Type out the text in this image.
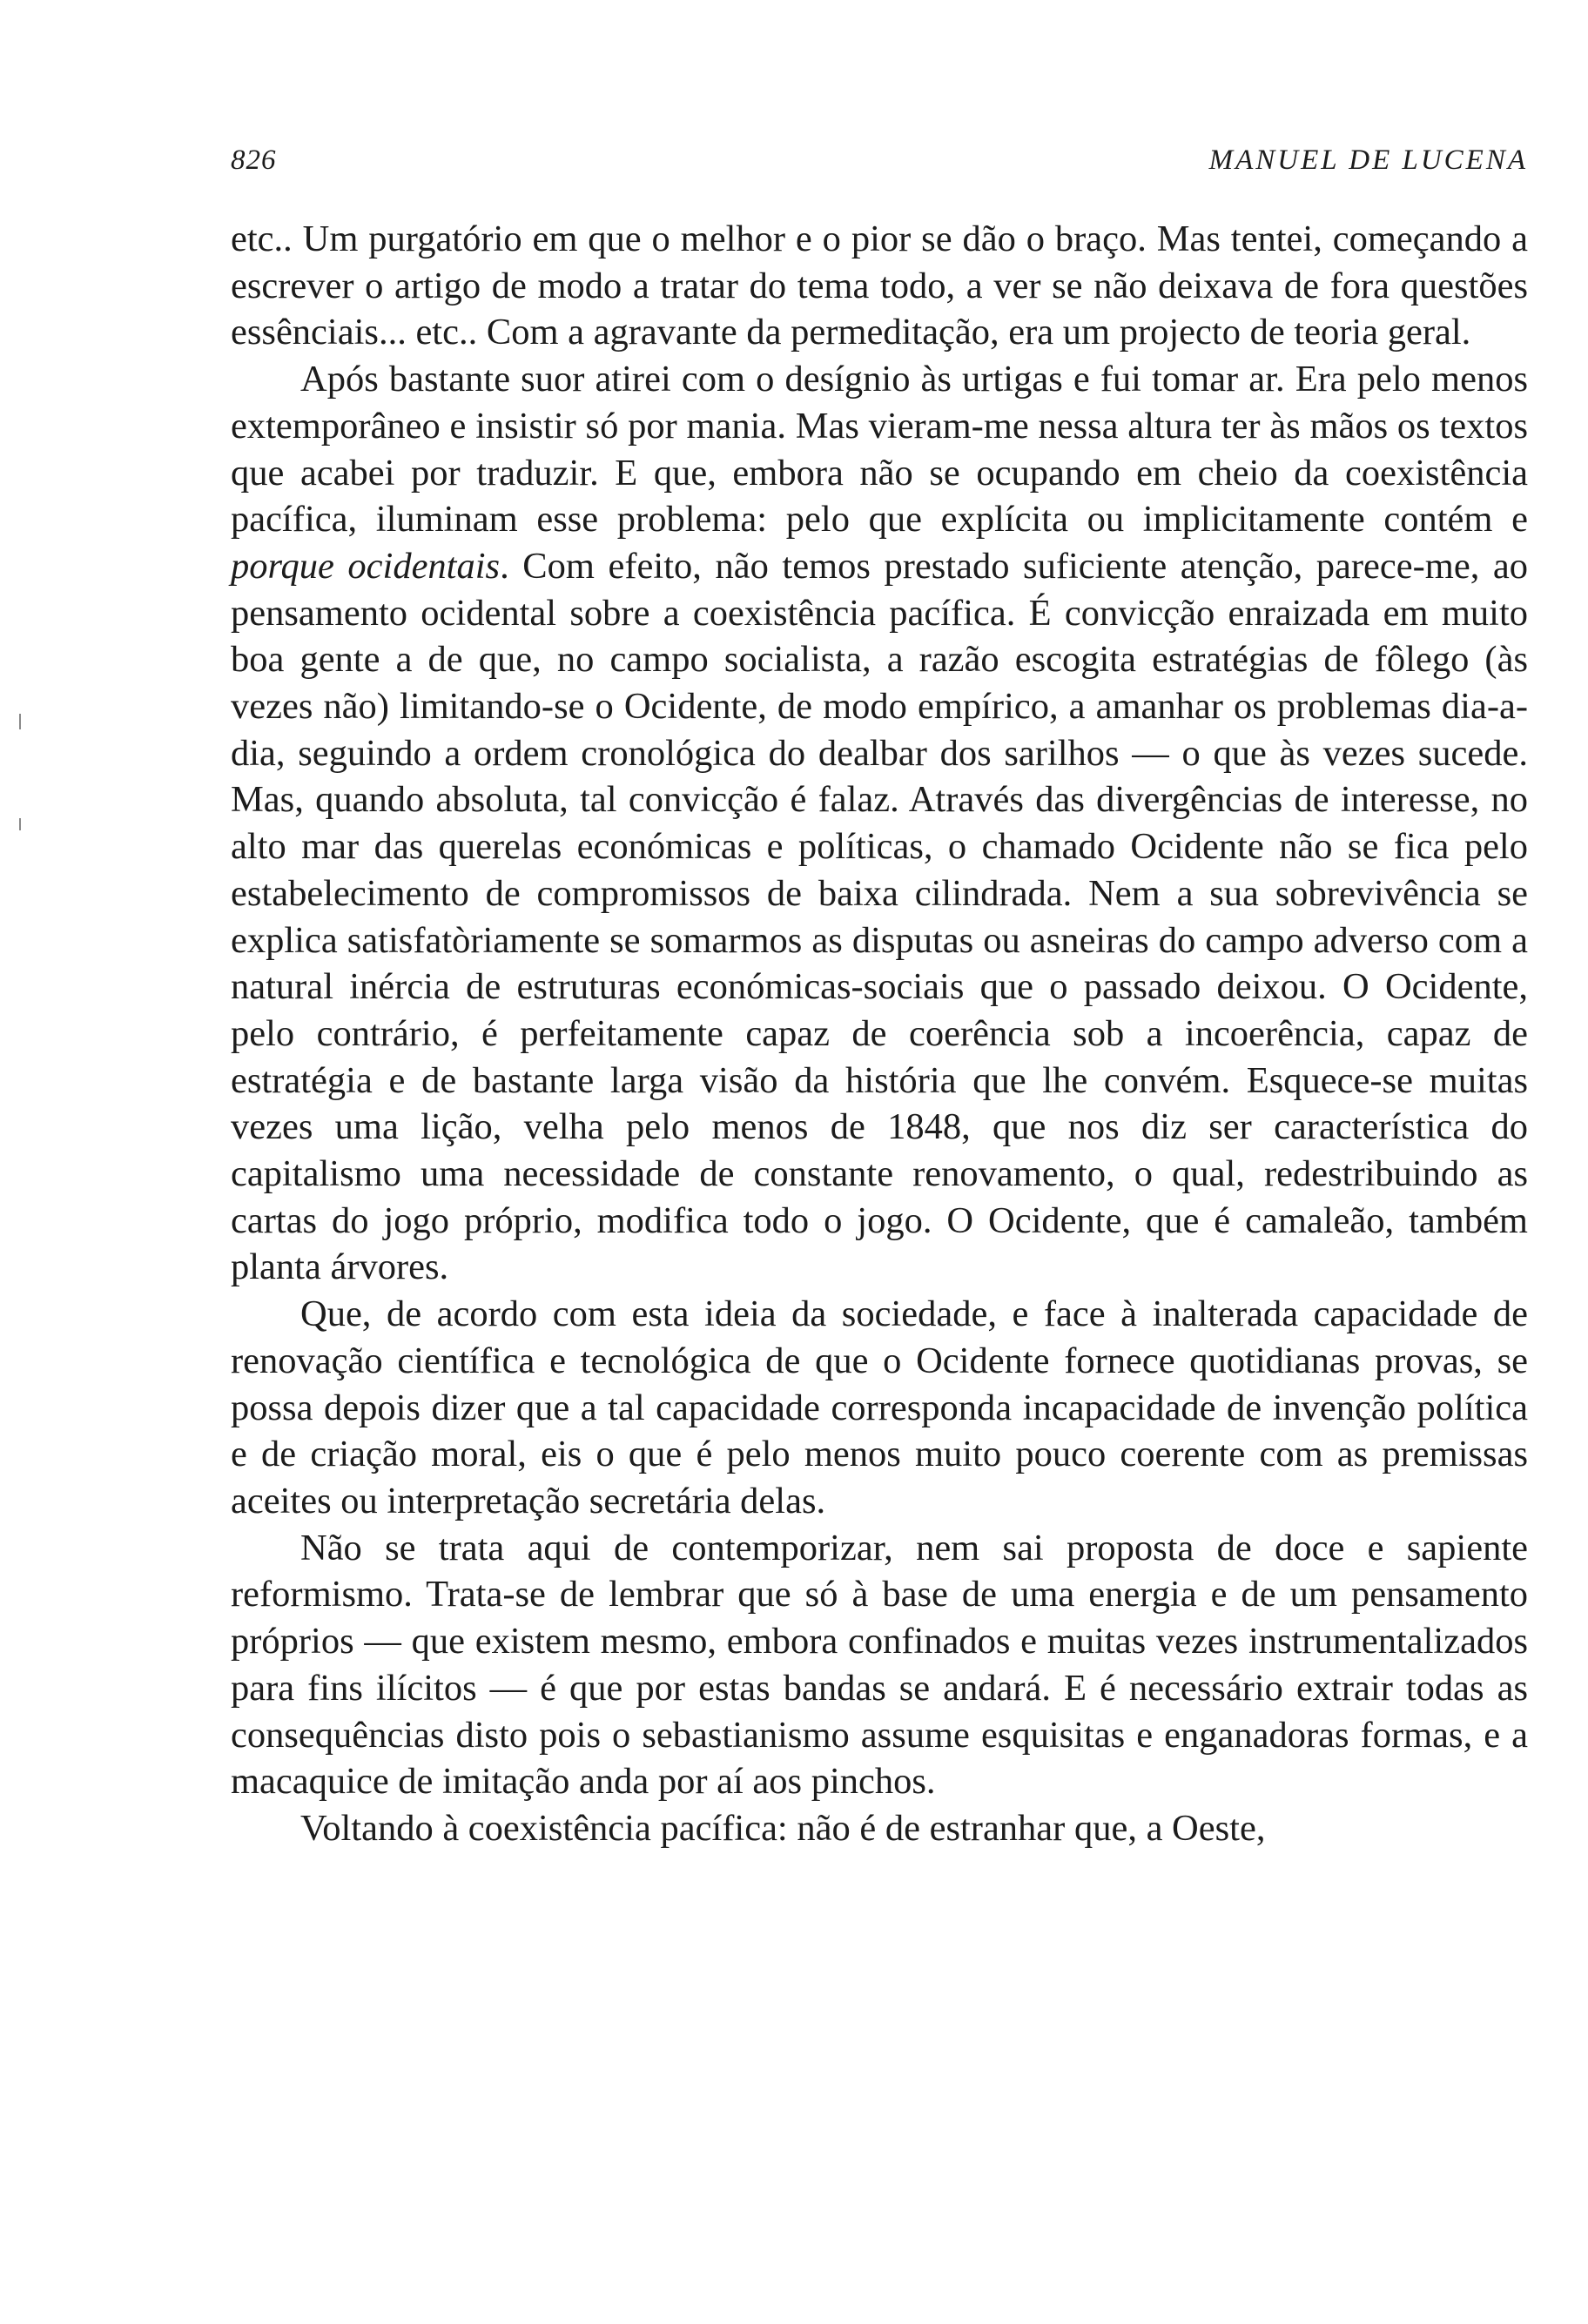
826	MANUEL DE LUCENA

etc.. Um purgatório em que o melhor e o pior se dão o braço. Mas tentei, começando a escrever o artigo de modo a tratar do tema todo, a ver se não deixava de fora questões essênciais... etc.. Com a agravante da permeditação, era um projecto de teoria geral.

Após bastante suor atirei com o desígnio às urtigas e fui tomar ar. Era pelo menos extemporâneo e insistir só por mania. Mas vieram-me nessa altura ter às mãos os textos que acabei por traduzir. E que, embora não se ocupando em cheio da coexistência pacífica, iluminam esse problema: pelo que explícita ou implicitamente contém e porque ocidentais. Com efeito, não temos prestado suficiente atenção, parece-me, ao pensamento ocidental sobre a coexistência pacífica. É convicção enraizada em muito boa gente a de que, no campo socialista, a razão escogita estratégias de fôlego (às vezes não) limitando-se o Ocidente, de modo empírico, a amanhar os problemas dia-a-dia, seguindo a ordem cronológica do dealbar dos sarilhos — o que às vezes sucede. Mas, quando absoluta, tal convicção é falaz. Através das divergências de interesse, no alto mar das querelas económicas e políticas, o chamado Ocidente não se fica pelo estabelecimento de compromissos de baixa cilindrada. Nem a sua sobrevivência se explica satisfatòriamente se somarmos as disputas ou asneiras do campo adverso com a natural inércia de estruturas económicas-sociais que o passado deixou. O Ocidente, pelo contrário, é perfeitamente capaz de coerência sob a incoerência, capaz de estratégia e de bastante larga visão da história que lhe convém. Esquece-se muitas vezes uma lição, velha pelo menos de 1848, que nos diz ser característica do capitalismo uma necessidade de constante renovamento, o qual, redestribuindo as cartas do jogo próprio, modifica todo o jogo. O Ocidente, que é camaleão, também planta árvores.

Que, de acordo com esta ideia da sociedade, e face à inalterada capacidade de renovação científica e tecnológica de que o Ocidente fornece quotidianas provas, se possa depois dizer que a tal capacidade corresponda incapacidade de invenção política e de criação moral, eis o que é pelo menos muito pouco coerente com as premissas aceites ou interpretação secretária delas.

Não se trata aqui de contemporizar, nem sai proposta de doce e sapiente reformismo. Trata-se de lembrar que só à base de uma energia e de um pensamento próprios — que existem mesmo, embora confinados e muitas vezes instrumentalizados para fins ilícitos — é que por estas bandas se andará. E é necessário extrair todas as consequências disto pois o sebastianismo assume esquisitas e enganadoras formas, e a macaquice de imitação anda por aí aos pinchos.

Voltando à coexistência pacífica: não é de estranhar que, a Oeste,
